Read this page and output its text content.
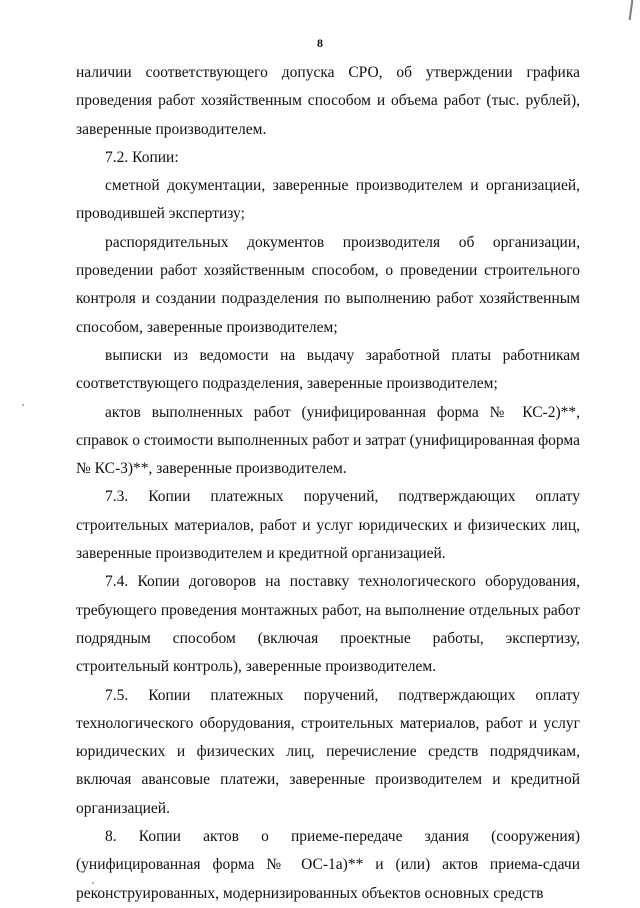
8

наличии соответствующего допуска СРО, об утверждении графика проведения работ хозяйственным способом и объема работ (тыс. рублей), заверенные производителем.

7.2. Копии:

сметной документации, заверенные производителем и организацией, проводившей экспертизу;

распорядительных документов производителя об организации, проведении работ хозяйственным способом, о проведении строительного контроля и создании подразделения по выполнению работ хозяйственным способом, заверенные производителем;

выписки из ведомости на выдачу заработной платы работникам соответствующего подразделения, заверенные производителем;

актов выполненных работ (унифицированная форма № КС-2)**, справок о стоимости выполненных работ и затрат (унифицированная форма № КС-3)**, заверенные производителем.

7.3. Копии платежных поручений, подтверждающих оплату строительных материалов, работ и услуг юридических и физических лиц, заверенные производителем и кредитной организацией.

7.4. Копии договоров на поставку технологического оборудования, требующего проведения монтажных работ, на выполнение отдельных работ подрядным способом (включая проектные работы, экспертизу, строительный контроль), заверенные производителем.

7.5. Копии платежных поручений, подтверждающих оплату технологического оборудования, строительных материалов, работ и услуг юридических и физических лиц, перечисление средств подрядчикам, включая авансовые платежи, заверенные производителем и кредитной организацией.

8. Копии актов о приеме-передаче здания (сооружения) (унифицированная форма № ОС-1а)** и (или) актов приема-сдачи реконструированных, модернизированных объектов основных средств
